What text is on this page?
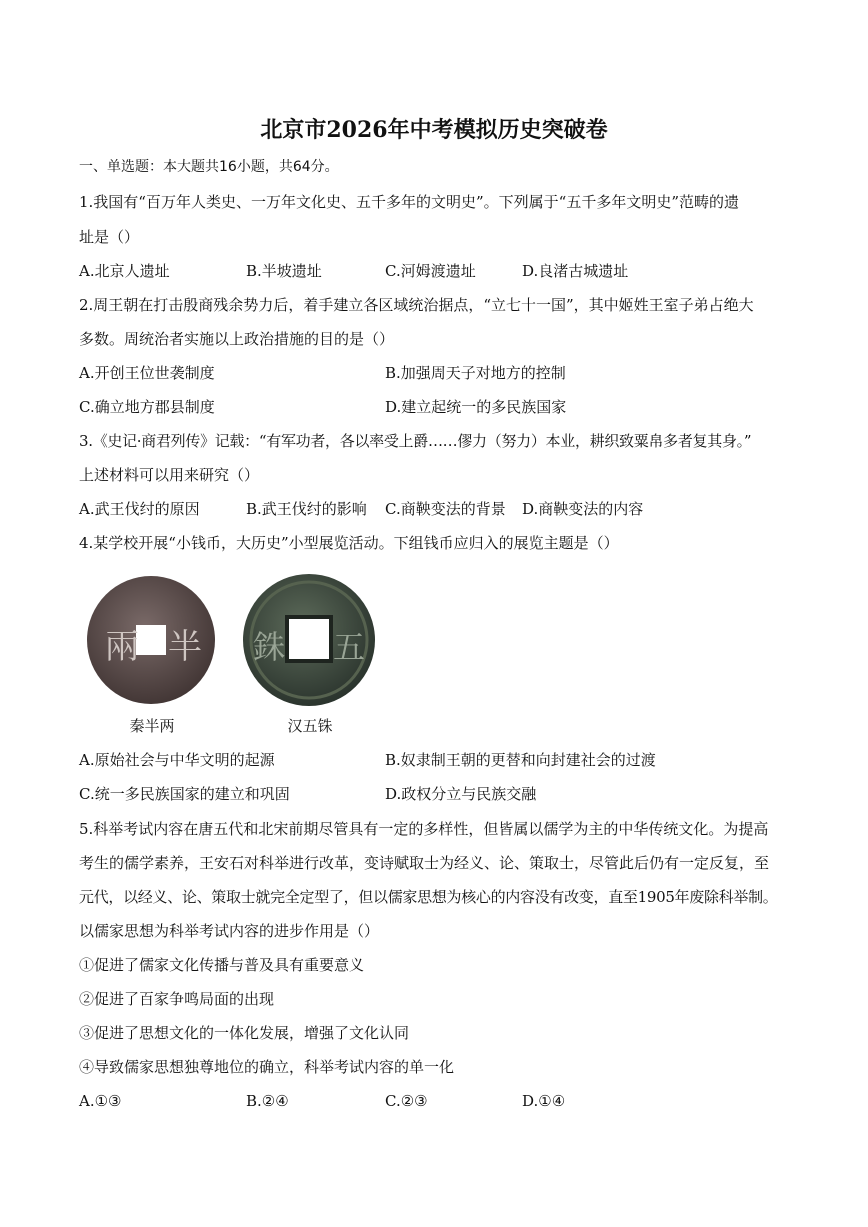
北京市2026年中考模拟历史突破卷
一、单选题：本大题共16小题，共64分。
1.我国有“百万年人类史、一万年文化史、五千多年的文明史”。下列属于“五千多年文明史”范畴的遗
址是（）
A.北京人遗址	B.半坡遗址	C.河姆渡遗址	D.良渚古城遗址
2.周王朝在打击殷商残余势力后，着手建立各区域统治据点，“立七十一国”，其中姬姓王室子弟占绝大
多数。周统治者实施以上政治措施的目的是（）
A.开创王位世袭制度	B.加强周天子对地方的控制
C.确立地方郡县制度	D.建立起统一的多民族国家
3.《史记·商君列传》记载：“有军功者，各以率受上爵……僇力（努力）本业，耕织致粟帛多者复其身。”
上述材料可以用来研究（）
A.武王伐纣的原因	B.武王伐纣的影响 C.商鞅变法的背景 D.商鞅变法的内容
4.某学校开展“小钱币，大历史”小型展览活动。下组钱币应归入的展览主题是（）
兩 半
秦半两
銖 五
汉五铢
A.原始社会与中华文明的起源	B.奴隶制王朝的更替和向封建社会的过渡
C.统一多民族国家的建立和巩固	D.政权分立与民族交融
5.科举考试内容在唐五代和北宋前期尽管具有一定的多样性，但皆属以儒学为主的中华传统文化。为提高
考生的儒学素养，王安石对科举进行改革，变诗赋取士为经义、论、策取士，尽管此后仍有一定反复，至
元代，以经义、论、策取士就完全定型了，但以儒家思想为核心的内容没有改变，直至1905年废除科举制。
以儒家思想为科举考试内容的进步作用是（）
①促进了儒家文化传播与普及具有重要意义
②促进了百家争鸣局面的出现
③促进了思想文化的一体化发展，增强了文化认同
④导致儒家思想独尊地位的确立，科举考试内容的单一化
A.①③	B.②④	C.②③	D.①④
